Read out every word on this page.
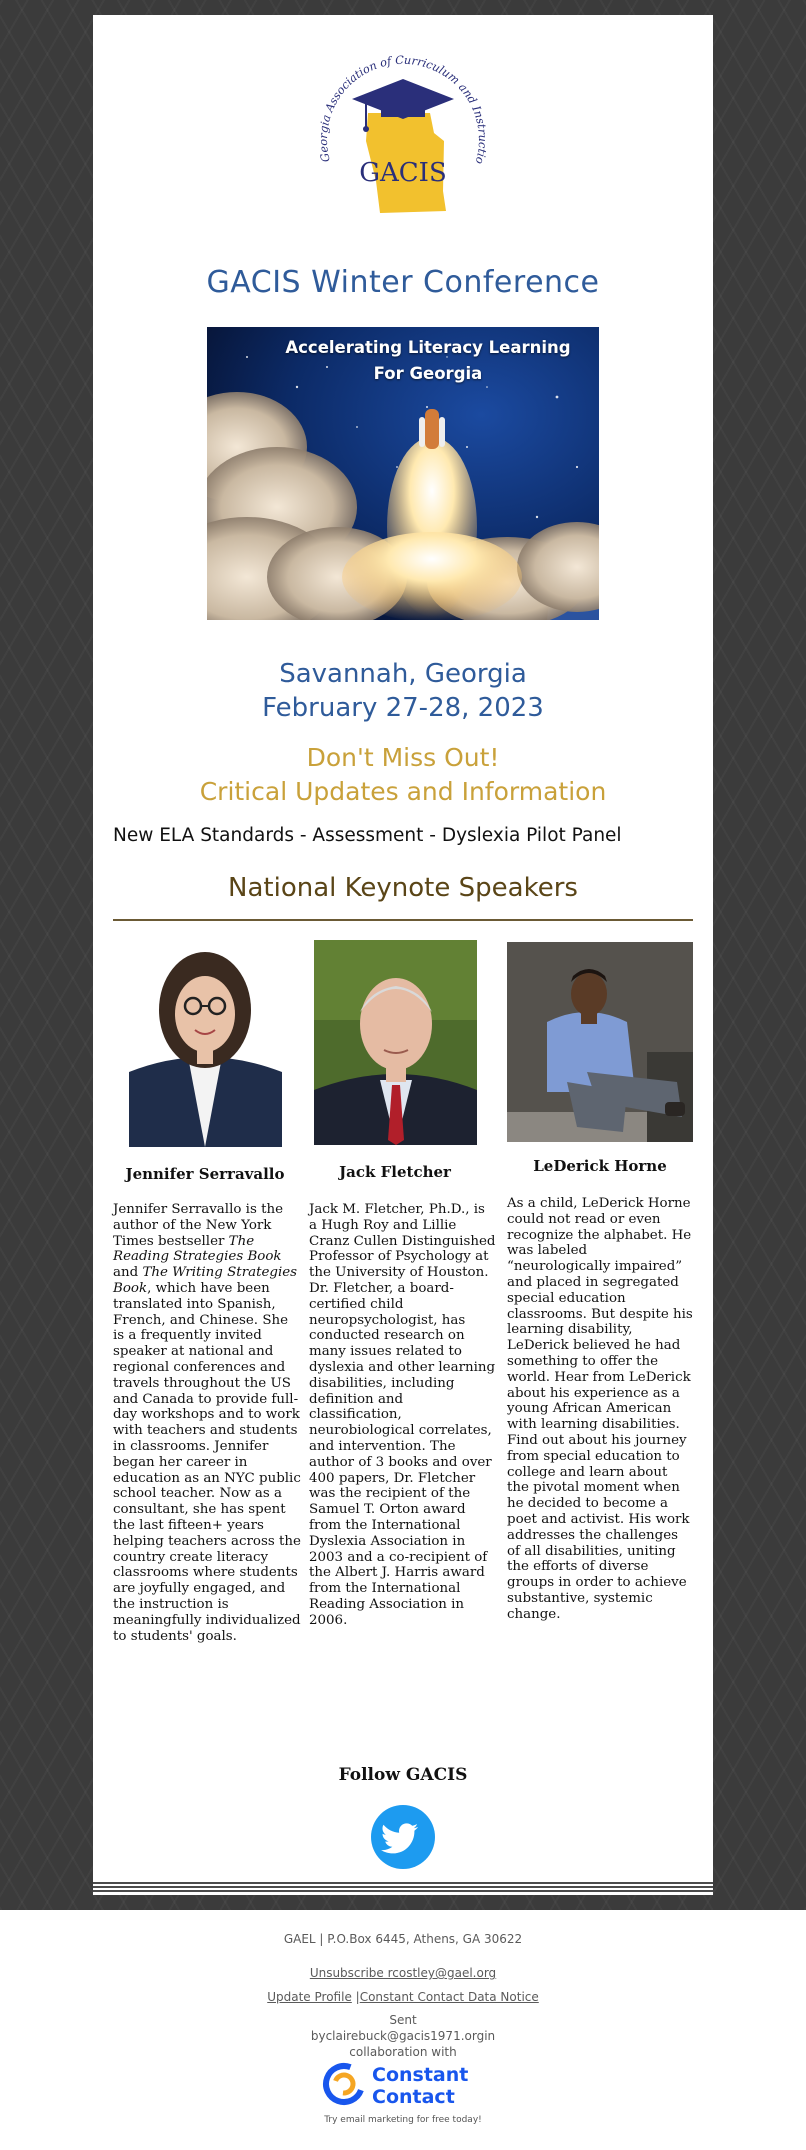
Georgia Association of Curriculum and Instructio
GACIS
GACIS Winter Conference
Accelerating Literacy Learning
For Georgia
Savannah, Georgia
February 27-28, 2023
Don't Miss Out!
Critical Updates and Information
New ELA Standards - Assessment - Dyslexia Pilot Panel
National Keynote Speakers
Jennifer Serravallo	Jack Fletcher	LeDerick Horne
Jennifer Serravallo is the author of the New York Times bestseller The Reading Strategies Book and The Writing Strategies Book, which have been translated into Spanish, French, and Chinese. She is a frequently invited speaker at national and regional conferences and travels throughout the US and Canada to provide full-day workshops and to work with teachers and students in classrooms. Jennifer began her career in education as an NYC public school teacher. Now as a consultant, she has spent the last fifteen+ years helping teachers across the country create literacy classrooms where students are joyfully engaged, and the instruction is meaningfully individualized to students' goals.
Jack M. Fletcher, Ph.D., is a Hugh Roy and Lillie Cranz Cullen Distinguished Professor of Psychology at the University of Houston. Dr. Fletcher, a board-certified child neuropsychologist, has conducted research on many issues related to dyslexia and other learning disabilities, including definition and classification, neurobiological correlates, and intervention. The author of 3 books and over 400 papers, Dr. Fletcher was the recipient of the Samuel T. Orton award from the International Dyslexia Association in 2003 and a co-recipient of the Albert J. Harris award from the International Reading Association in 2006.
As a child, LeDerick Horne could not read or even recognize the alphabet. He was labeled “neurologically impaired” and placed in segregated special education classrooms. But despite his learning disability, LeDerick believed he had something to offer the world. Hear from LeDerick about his experience as a young African American with learning disabilities. Find out about his journey from special education to college and learn about the pivotal moment when he decided to become a poet and activist. His work addresses the challenges of all disabilities, uniting the efforts of diverse groups in order to achieve substantive, systemic change.
Follow GACIS
GAEL | P.O.Box 6445, Athens, GA 30622
Unsubscribe rcostley@gael.org
Update Profile |Constant Contact Data Notice
Sent byclairebuck@gacis1971.orgin collaboration with
Constant
Contact
Try email marketing for free today!
